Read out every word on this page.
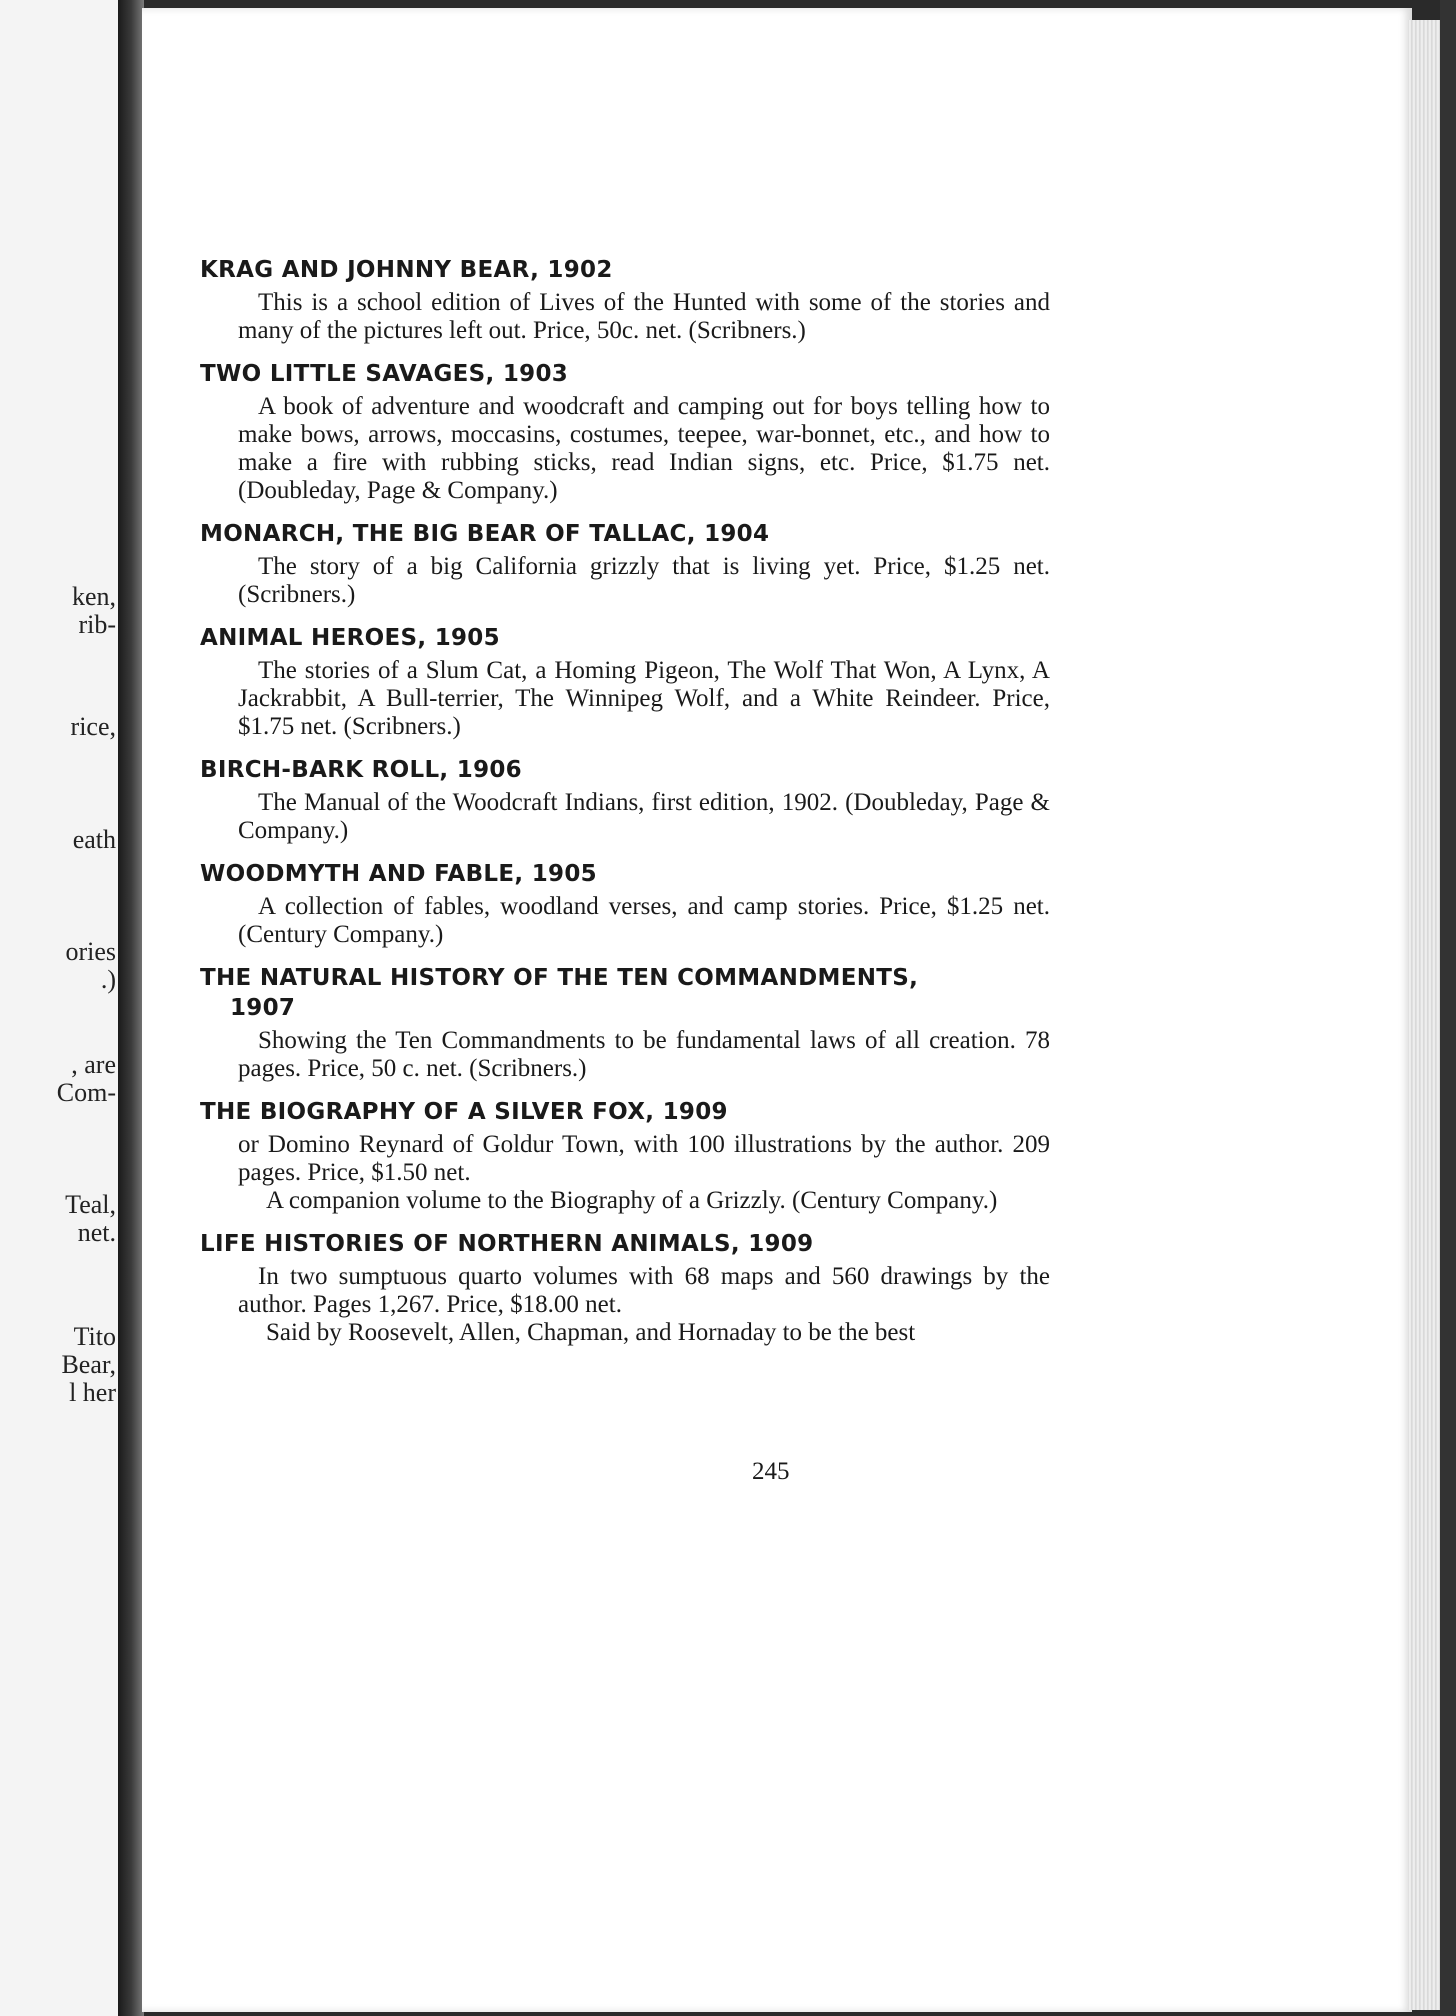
ken,
rib-
rice,
eath
ories
.)
, are
Com-
Teal,
net.
Tito
Bear,
l her
KRAG AND JOHNNY BEAR, 1902
This is a school edition of Lives of the Hunted with some of the stories and many of the pictures left out. Price, 50c. net. (Scribners.)
TWO LITTLE SAVAGES, 1903
A book of adventure and woodcraft and camping out for boys telling how to make bows, arrows, moccasins, costumes, teepee, war-bonnet, etc., and how to make a fire with rubbing sticks, read Indian signs, etc. Price, $1.75 net. (Doubleday, Page & Company.)
MONARCH, THE BIG BEAR OF TALLAC, 1904
The story of a big California grizzly that is living yet. Price, $1.25 net. (Scribners.)
ANIMAL HEROES, 1905
The stories of a Slum Cat, a Homing Pigeon, The Wolf That Won, A Lynx, A Jackrabbit, A Bull-terrier, The Winnipeg Wolf, and a White Reindeer. Price, $1.75 net. (Scribners.)
BIRCH-BARK ROLL, 1906
The Manual of the Woodcraft Indians, first edition, 1902. (Doubleday, Page & Company.)
WOODMYTH AND FABLE, 1905
A collection of fables, woodland verses, and camp stories. Price, $1.25 net. (Century Company.)
THE NATURAL HISTORY OF THE TEN COMMANDMENTS,
1907
Showing the Ten Commandments to be fundamental laws of all creation. 78 pages. Price, 50 c. net. (Scribners.)
THE BIOGRAPHY OF A SILVER FOX, 1909
or Domino Reynard of Goldur Town, with 100 illustrations by the author. 209 pages. Price, $1.50 net.
A companion volume to the Biography of a Grizzly. (Century Company.)
LIFE HISTORIES OF NORTHERN ANIMALS, 1909
In two sumptuous quarto volumes with 68 maps and 560 drawings by the author. Pages 1,267. Price, $18.00 net.
Said by Roosevelt, Allen, Chapman, and Hornaday to be the best
245
